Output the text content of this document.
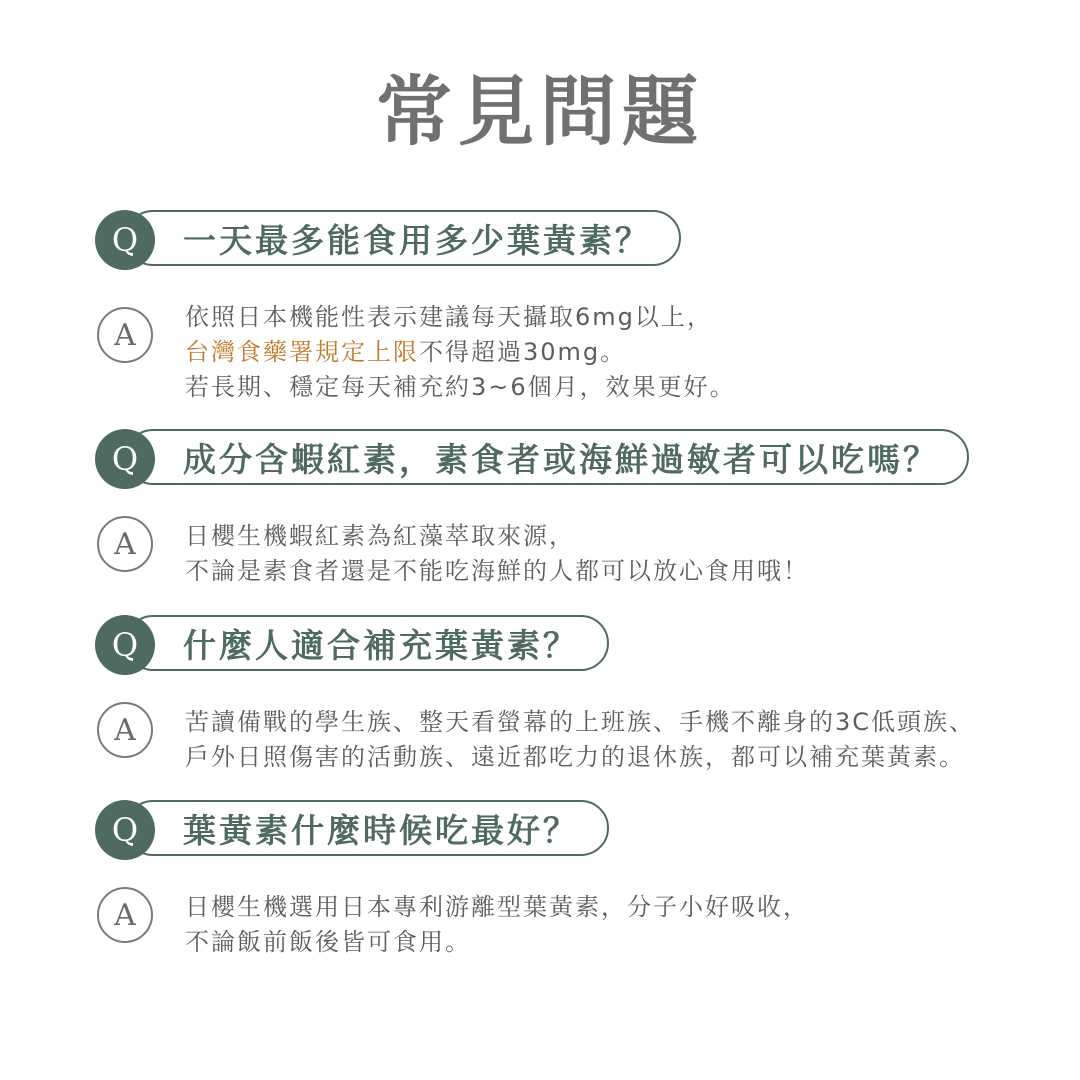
常見問題
Q	一天最多能食用多少葉黃素？
A
依照日本機能性表示建議每天攝取6mg以上，
台灣食藥署規定上限不得超過30mg。
若長期、穩定每天補充約3~6個月，效果更好。
Q	成分含蝦紅素，素食者或海鮮過敏者可以吃嗎？
A	日櫻生機蝦紅素為紅藻萃取來源，
不論是素食者還是不能吃海鮮的人都可以放心食用哦！
Q	什麼人適合補充葉黃素？
A	苦讀備戰的學生族、整天看螢幕的上班族、手機不離身的3C低頭族、
戶外日照傷害的活動族、遠近都吃力的退休族，都可以補充葉黃素。
Q	葉黃素什麼時候吃最好？
A	日櫻生機選用日本專利游離型葉黃素，分子小好吸收，
不論飯前飯後皆可食用。
